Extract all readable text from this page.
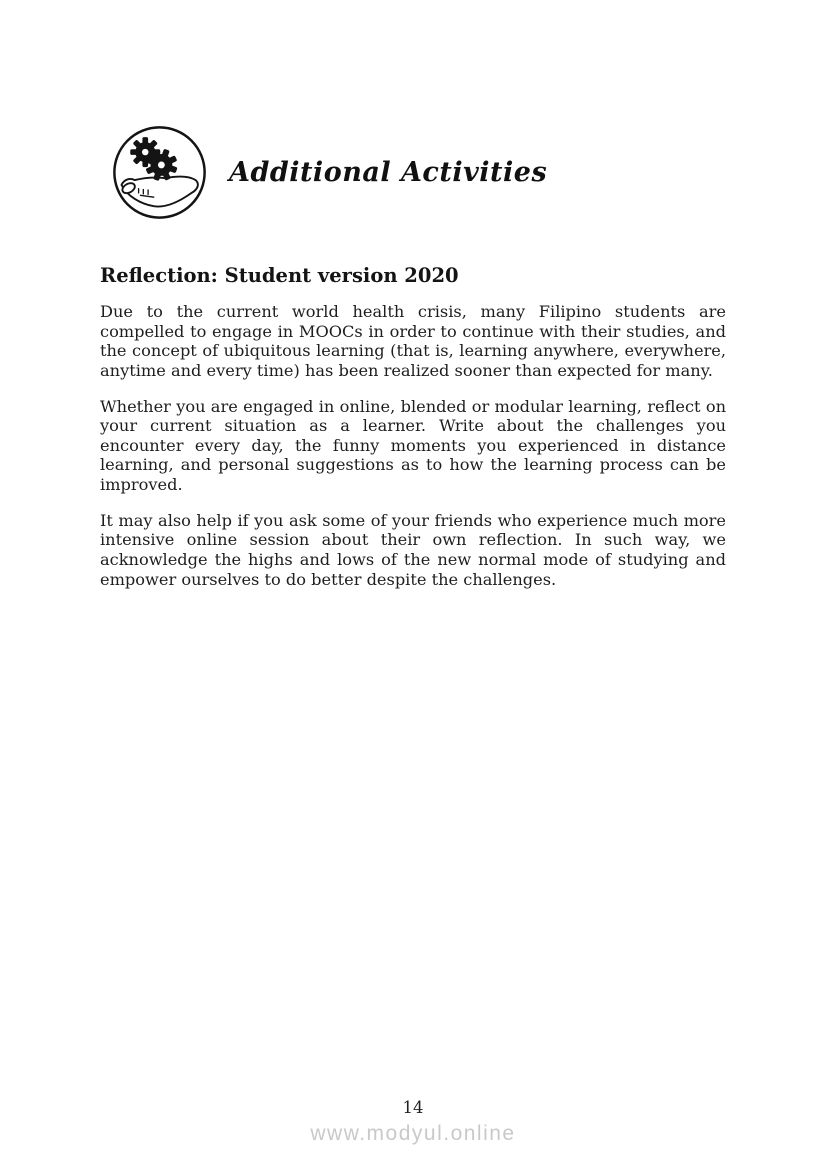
Additional Activities
Reflection: Student version 2020

Due to the current world health crisis, many Filipino students are compelled to engage in MOOCs in order to continue with their studies, and the concept of ubiquitous learning (that is, learning anywhere, everywhere, anytime and every time) has been realized sooner than expected for many.

Whether you are engaged in online, blended or modular learning, reflect on your current situation as a learner. Write about the challenges you encounter every day, the funny moments you experienced in distance learning, and personal suggestions as to how the learning process can be improved.

It may also help if you ask some of your friends who experience much more intensive online session about their own reflection. In such way, we acknowledge the highs and lows of the new normal mode of studying and empower ourselves to do better despite the challenges.

14
www.modyul.online
